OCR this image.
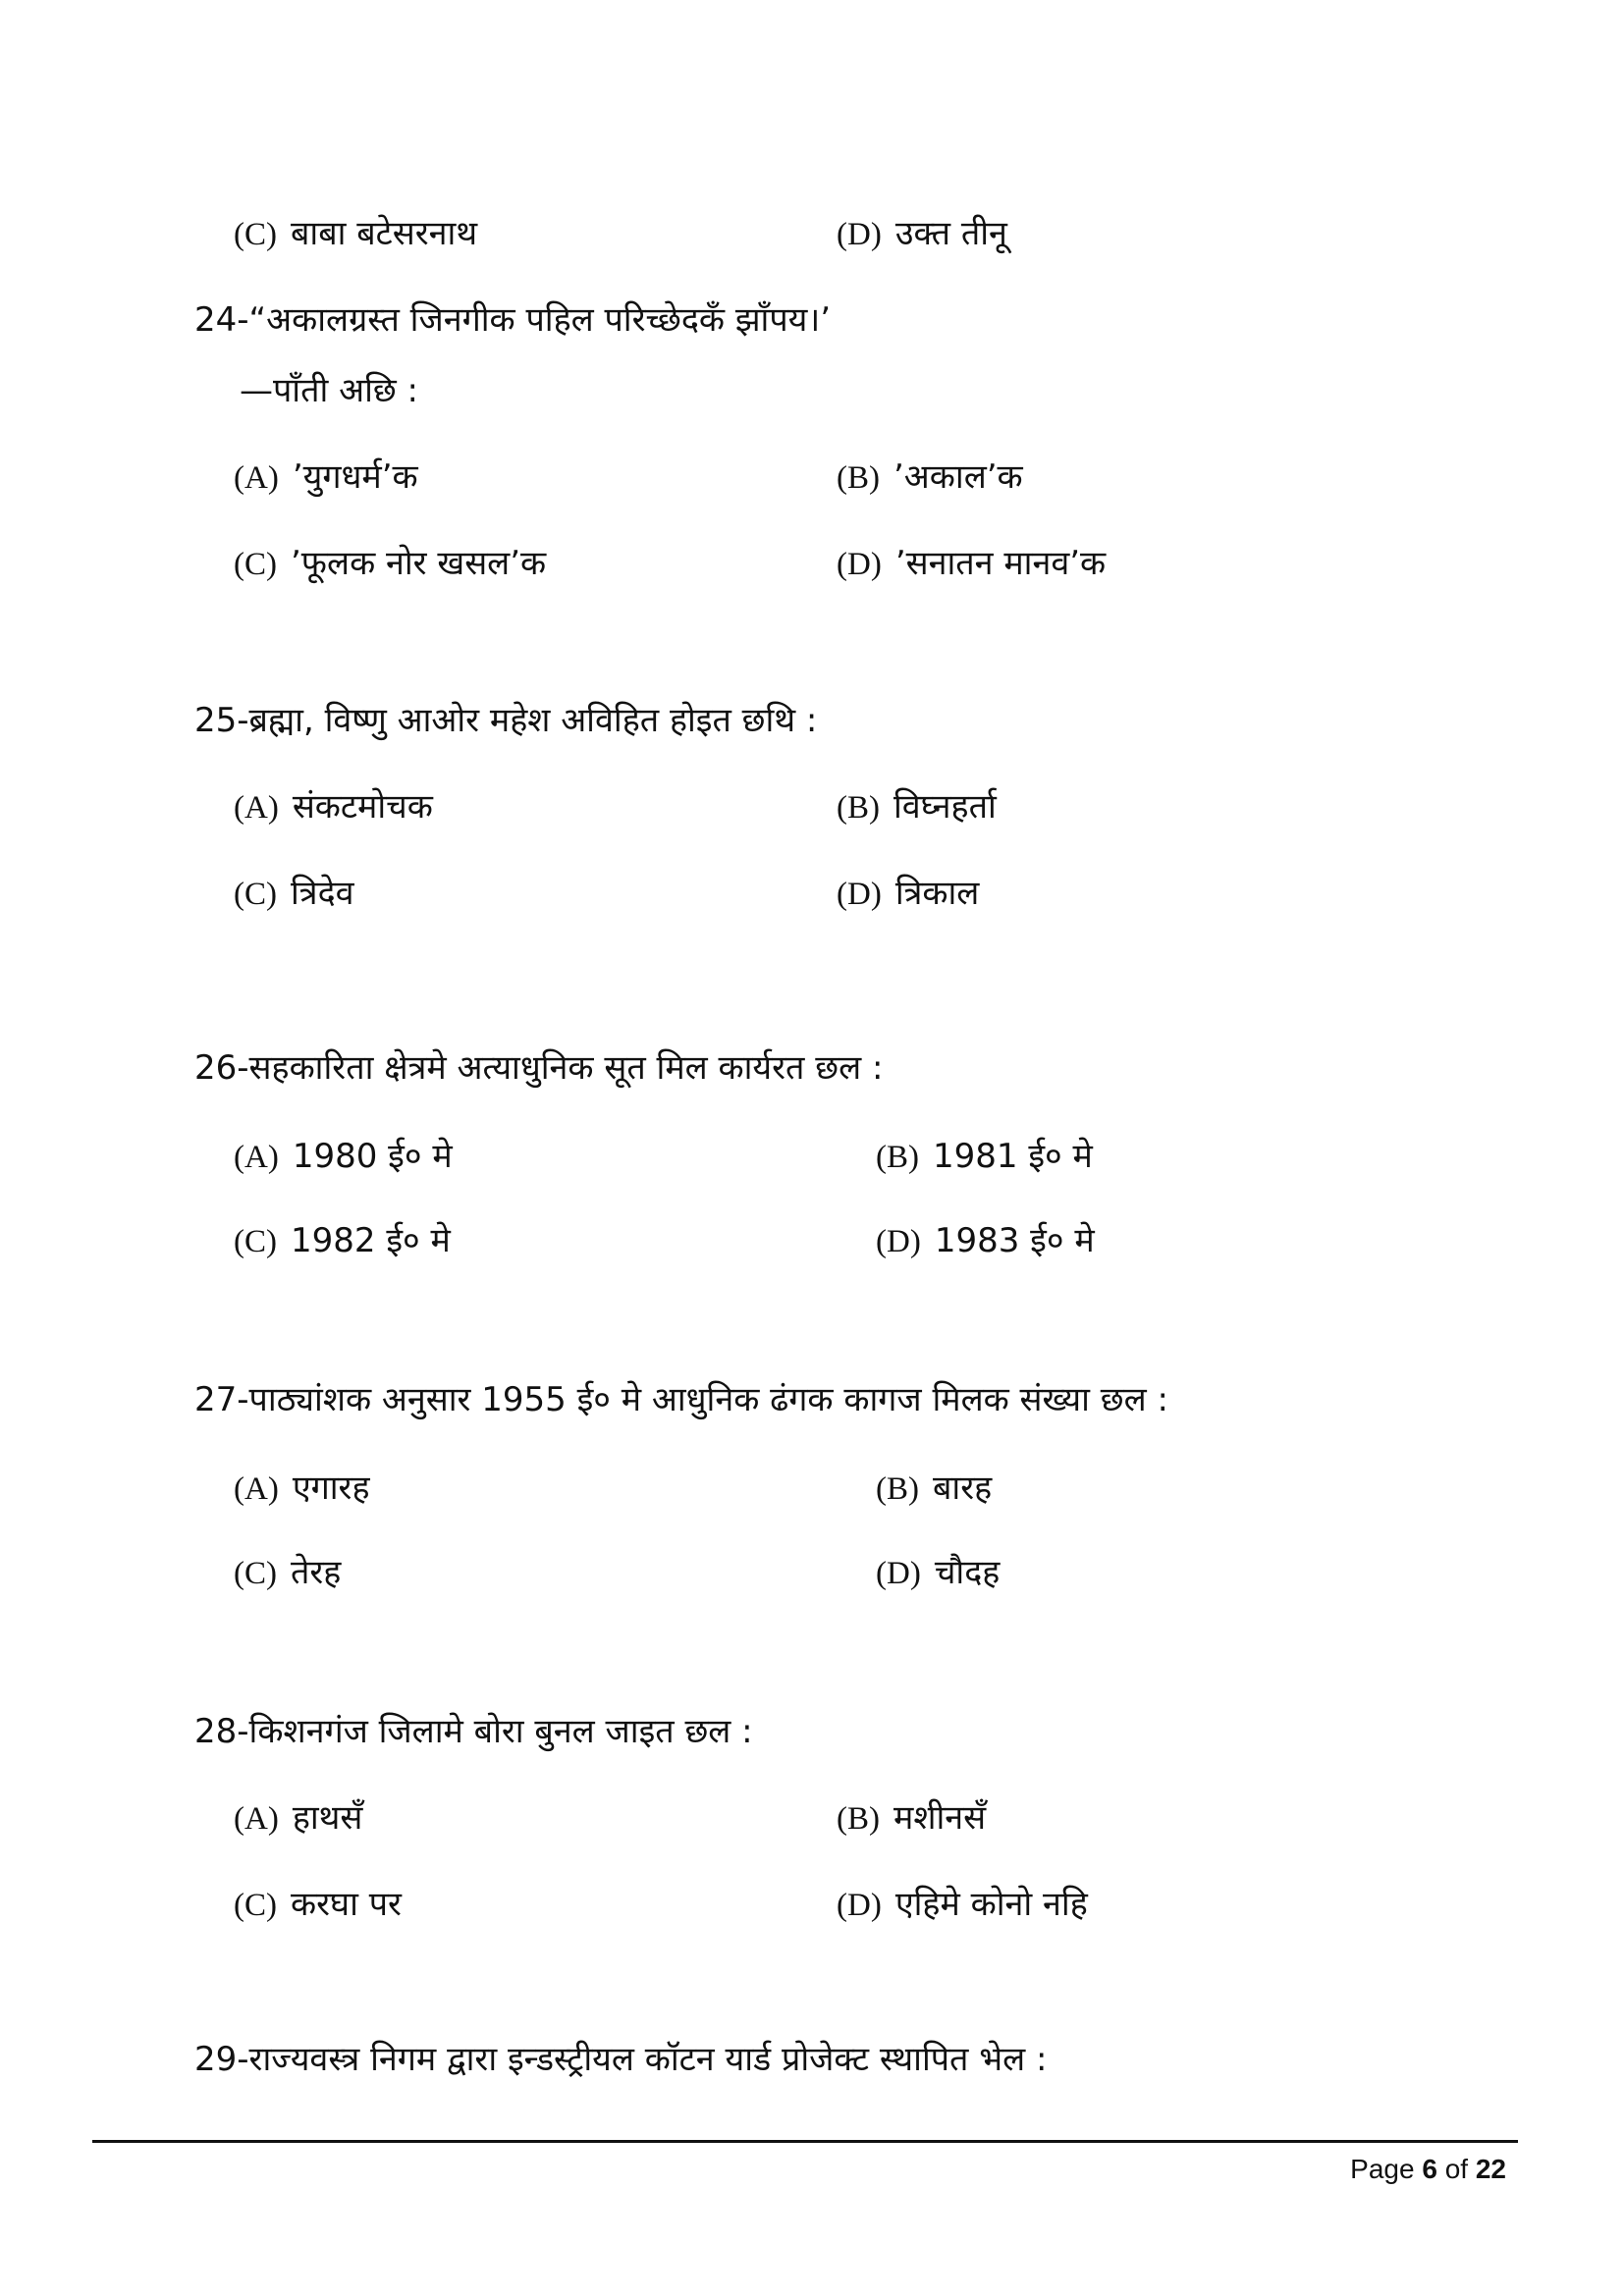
(C) बाबा बटेसरनाथ	(D) उक्त तीनू
24-“अकालग्रस्त जिनगीक पहिल परिच्छेदकँ झाँपय।’
—पाँती अछि :
(A) ’युगधर्म’क	(B) ’अकाल’क
(C) ’फूलक नोर खसल’क	(D) ’सनातन मानव’क
25-ब्रह्मा, विष्णु आओर महेश अविहित होइत छथि :
(A) संकटमोचक	(B) विघ्नहर्ता
(C) त्रिदेव	(D) त्रिकाल
26-सहकारिता क्षेत्रमे अत्याधुनिक सूत मिल कार्यरत छल :
(A) 1980 ई० मे	(B) 1981 ई० मे
(C) 1982 ई० मे	(D) 1983 ई० मे
27-पाठ्यांशक अनुसार 1955 ई० मे आधुनिक ढंगक कागज मिलक संख्या छल :
(A) एगारह	(B) बारह
(C) तेरह	(D) चौदह
28-किशनगंज जिलामे बोरा बुनल जाइत छल :
(A) हाथसँ	(B) मशीनसँ
(C) करघा पर	(D) एहिमे कोनो नहि
29-राज्यवस्त्र निगम द्वारा इन्डस्ट्रीयल कॉटन यार्ड प्रोजेक्ट स्थापित भेल :
Page 6 of 22
